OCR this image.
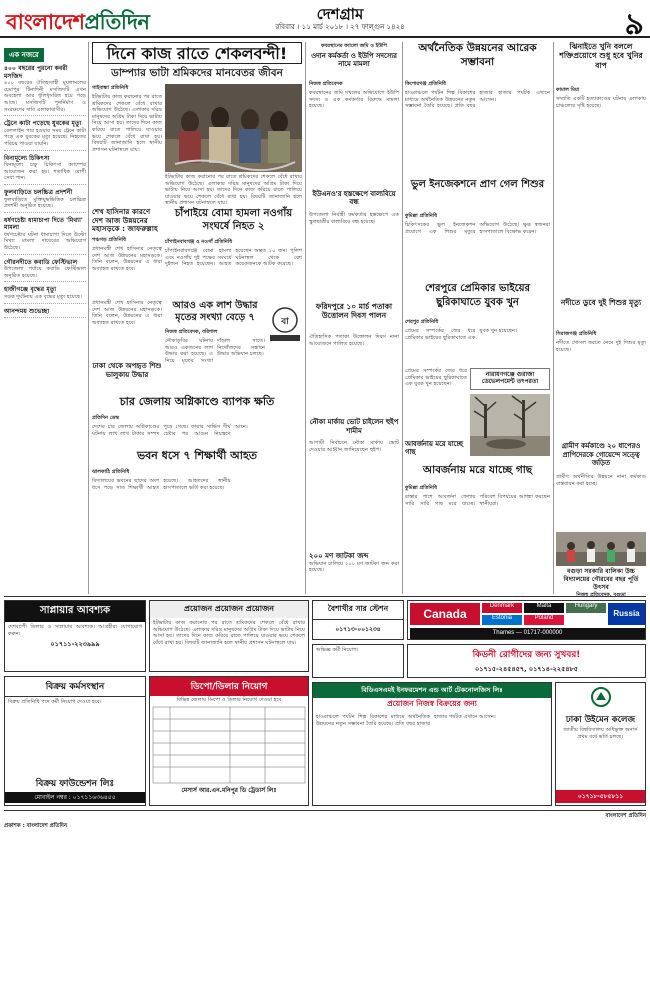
বাংলাদেশপ্রতিদিন	দেশগ্রাম
রবিবার । ১১ মার্চ ২০১৮ । ২৭ ফাল্গুন ১৪২৪	৯
এক নজরে
৪০০ বছরের পুরনো কবরী মসজিদ
৪০০ বছরের ঐতিহ্যবাহী মুঘলামলের চেমাপুর টিনাদিনী মসজিদটি এখন অবহেলা আর ধূলিধূসরিত হয়ে পড়ে আছে। মসজিদটি পুনর্নির্মাণ ও সংরক্ষণের দাবি এলাকাবাসীর।
ট্রেনে কাটা পড়েছে যুবকের মৃত্যু
রেললাইন পার হওয়ার সময় ট্রেনে কাটা পড়ে এক যুবকের মৃত্যু হয়েছে। নিহতের পরিচয় পাওয়া যায়নি।
বিনামূল্যে চিকিৎসা
বিনামূল্যে চক্ষু চিকিৎসা ক্যাম্পের আয়োজন করা হয়। শতাধিক রোগী সেবা পান।
ফুলবাড়িতে চলচ্চিত্র প্রদর্শনী
ফুলবাড়িতে মুক্তিযুদ্ধভিত্তিক চলচ্চিত্র প্রদর্শনী অনুষ্ঠিত হয়েছে।
ধর্ষণচেষ্টা ধামাচাপা দিতে 'মিথ্যা' মামলা
ধর্ষণচেষ্টার ঘটনা ধামাচাপা দিতে উল্টো মিথ্যা মামলা দায়েরের অভিযোগ উঠেছে।
গৌরনদীতে কবাডি ফেস্টিভাল
উপজেলা পর্যায়ে কবাডি ফেস্টিভাল অনুষ্ঠিত হয়েছে।
হাজীগঞ্জে বৃদ্ধের মৃত্যু
সড়ক দুর্ঘটনায় এক বৃদ্ধের মৃত্যু হয়েছে।
আনন্দময় শুভেচ্ছা
দিনে কাজ রাতে শেকলবন্দী!
ডাম্প্যার ভাটা শ্রমিকদের মানবেতর জীবন
গাইবান্ধা প্রতিনিধি
ইটভাটায় কাজ করানোর পর রাতে শ্রমিকদের শেকলে বেঁধে রাখার অভিযোগ উঠেছে। এলাকার দরিদ্র মানুষদের অগ্রিম টাকা দিয়ে ভাটায় নিয়ে আসা হয়। তাদের দিনে কাজ করিয়ে রাতে পালিয়ে যাওয়ার ভয়ে শেকলে বেঁধে রাখা হয়। বিষয়টি জানাজানি হলে স্থানীয় প্রশাসন ঘটনাস্থলে যায়।
ইটভাটায় কাজ করানোর পর রাতে শ্রমিকদের শেকলে বেঁধে রাখার অভিযোগ উঠেছে। এলাকার দরিদ্র মানুষদের অগ্রিম টাকা দিয়ে ভাটায় নিয়ে আসা হয়। তাদের দিনে কাজ করিয়ে রাতে পালিয়ে যাওয়ার ভয়ে শেকলে বেঁধে রাখা হয়। বিষয়টি জানাজানি হলে স্থানীয় প্রশাসন ঘটনাস্থলে যায়।
শেখ হাসিনার কারণে দেশ আজ উন্নয়নের মহাসড়কে : জাফরুল্লাহ
পঞ্চগড় প্রতিনিধি
প্রধানমন্ত্রী শেখ হাসিনার নেতৃত্বে দেশ আজ উন্নয়নের মহাসড়কে। তিনি বলেন, উন্নয়নের এ ধারা অব্যাহত রাখতে হবে।
চাঁপাইয়ে বোমা হামলা নওগাঁয় সংঘর্ষে নিহত ২
চাঁপাইনবাবগঞ্জ ও নওগাঁ প্রতিনিধি
চাঁপাইনবাবগঞ্জে বোমা হামলা এবং নওগাঁয় দুই পক্ষের সংঘর্ষে দুইজন নিহত হয়েছেন। আহত হয়েছেন অন্তত ১০ জন। পুলিশ ঘটনাস্থল থেকে বেশ কয়েকজনকে আটক করেছে।
প্রধানমন্ত্রী শেখ হাসিনার নেতৃত্বে দেশ আজ উন্নয়নের মহাসড়কে। তিনি বলেন, উন্নয়নের এ ধারা অব্যাহত রাখতে হবে।
আরও এক লাশ উদ্ধার মৃতের সংখ্যা বেড়ে ৭
নিজস্ব প্রতিবেদক, বরিশাল
নৌকাডুবির ঘটনায় আরও একজনের লাশ উদ্ধার করা হয়েছে। এ নিয়ে মৃতের সংখ্যা দাঁড়াল সাতে। নিখোঁজদের সন্ধানে উদ্ধার অভিযান চলছে।
বা
ঢাকা থেকে অপহৃত শিশু ভালুকায় উদ্ধার
চার জেলায় অগ্নিকাণ্ডে ব্যাপক ক্ষতি
প্রতিদিন ডেস্ক
দেশের চার জেলায় অগ্নিকাণ্ডের ঘটনায় লাখ লাখ টাকার সম্পদ পুড়ে গেছে। ফায়ার সার্ভিস দীর্ঘ চেষ্টার পর আগুন নিয়ন্ত্রণে আনে।
ভবন ধসে ৭ শিক্ষার্থী আহত
ঝালকাঠি প্রতিনিধি
বিদ্যালয়ের ভবনের ছাদের অংশ ধসে পড়ে সাত শিক্ষার্থী আহত হয়েছে। আহতদের স্থানীয় হাসপাতালে ভর্তি করা হয়েছে।
কবরস্থানের ফ্যালো জমি ও ইউপি
ওদান কর্মকর্তা ও ইউপি সদস্যের নামে মামলা
নিজস্ব প্রতিবেদক
কবরস্থানের জমি দখলের অভিযোগে ইউপি সদস্য ও এক কর্মকর্তার বিরুদ্ধে মামলা হয়েছে।
ইউএনও'র হস্তক্ষেপে বাল্যবিয়ে বন্ধ
উপজেলা নির্বাহী কর্মকর্তার হস্তক্ষেপে এক স্কুলছাত্রীর বাল্যবিয়ে বন্ধ হয়েছে।
ফরিদপুরে ১০ মার্চ পতাকা উত্তোলন দিবস পালন
ঐতিহাসিক পতাকা উত্তোলন দিবস নানা আয়োজনে পালিত হয়েছে।
নৌকা মার্কায় ভোট চাইলেন হুইপ শামীম
আগামী নির্বাচনে নৌকা মার্কায় ভোট দেওয়ার আহ্বান জানিয়েছেন হুইপ।
২০০ মণ জাটকা জব্দ
অভিযান চালিয়ে ২০০ মণ জাটকা জব্দ করা হয়েছে।
অর্থনৈতিক উন্নয়নের আরেক সম্ভাবনা
কিশোরগঞ্জ প্রতিনিধি
হাওরাঞ্চলে পর্যটন শিল্প বিকাশের মাধ্যমে অর্থনৈতিক উন্নয়নের নতুন সম্ভাবনা তৈরি হয়েছে। প্রতি বছর হাজার হাজার পর্যটক এখানে আসেন।
ভুল ইনজেকশনে প্রাণ গেল শিশুর
কুমিল্লা প্রতিনিধি
চিকিৎসকের ভুল ইনজেকশন প্রয়োগে এক শিশুর মৃত্যুর অভিযোগ উঠেছে। ক্ষুব্ধ স্বজনরা হাসপাতালে বিক্ষোভ করেন।
শেরপুরে প্রেমিকার ভাইয়ের ছুরিকাঘাতে যুবক খুন
শেরপুর প্রতিনিধি
প্রেমের সম্পর্কের জের ধরে প্রেমিকার ভাইয়ের ছুরিকাঘাতে এক যুবক খুন হয়েছেন।
নারায়ণগঞ্জে গুরাজা ডেভেলপমেন্ট তৎপরতা
প্রেমের সম্পর্কের জের ধরে প্রেমিকার ভাইয়ের ছুরিকাঘাতে এক যুবক খুন হয়েছেন।
আবর্জনায় মরে যাচ্ছে গাছ
আবর্জনায় মরে যাচ্ছে গাছ
কুমিল্লা প্রতিনিধি
রাস্তার পাশে আবর্জনা ফেলায় সারি সারি গাছ মরে যাচ্ছে। পরিবেশ বিপর্যয়ের আশঙ্কা করছেন স্থানীয়রা।
ঝিনাইতে খুনি বললে শক্তিপ্রয়োগে শুধু হবে খুনির বাপ
কামাল মিয়া
সম্প্রতি একটি হত্যাকাণ্ডের ঘটনায় এলাকায় চাঞ্চল্যের সৃষ্টি হয়েছে।
নদীতে ডুবে দুই শিশুর মৃত্যু
সিরাজগঞ্জ প্রতিনিধি
নদীতে গোসল করতে নেমে দুই শিশুর মৃত্যু হয়েছে।
গ্রামীণ কর্মকাণ্ডে ২০ ধাপেরও প্রাপিদেরকে গোয়েন্দে সত্ত্বে জড়িত
গ্রামীণ অর্থনীতির উন্নয়নে নানা কর্মকাণ্ড বাস্তবায়ন করা হচ্ছে।
বগুড়া সরকারি বালিকা উচ্চ বিদ্যালয়ের গৌরবের বছর পূর্তি উৎসব
সাপ্লায়ার আবশ্যক
দেশব্যাপী ডিলার ও সাপ্লায়ার আবশ্যক। আগ্রহীরা যোগাযোগ করুন।
০১৭১১-২২৩৯৯৯
বিক্রয় কর্মসংস্থান
বিক্রয় প্রতিনিধি পদে কর্মী নিয়োগ দেওয়া হবে।
বিক্রয় ফাউন্ডেশন লিঃ
মোবাইল নম্বর : ০১৭১১৬৩৬৪৫৫
ডিপো/ডিলার নিয়োগ
বিভিন্ন জেলায় ডিপো ও ডিলার নিয়োগ দেওয়া হবে
মেসার্স আর.এন.মনিপুর ডি ট্রেডার্স লিঃ
প্রয়োজন প্রয়োজন প্রয়োজন
ইটভাটায় কাজ করানোর পর রাতে শ্রমিকদের শেকলে বেঁধে রাখার অভিযোগ উঠেছে। এলাকার দরিদ্র মানুষদের অগ্রিম টাকা দিয়ে ভাটায় নিয়ে আসা হয়। তাদের দিনে কাজ করিয়ে রাতে পালিয়ে যাওয়ার ভয়ে শেকলে বেঁধে রাখা হয়। বিষয়টি জানাজানি হলে স্থানীয় প্রশাসন ঘটনাস্থলে যায়।
বৈশাখীর সার স্টেশন
০১৭১৩-০০১২৩৪
অভিজ্ঞ কর্মী নিয়োগ।
Canada
Denmark
Estonia
Malta
Poland
Hungary
Russia
Thames — 01717-000000
কিডনী রোগীদের জন্য সুখবর!
০১৭১৫-২৪৫৪৫৭, ০১৭১৪-২২৫৪৮৫
বিডিএসএমই ইনফরমেশন এন্ড আর্ট টেকনোলজিস লিঃ
প্রয়োজন নিজস্ব বিক্রয়ের জন্য
হাওরাঞ্চলে পর্যটন শিল্প বিকাশের মাধ্যমে অর্থনৈতিক উন্নয়নের নতুন সম্ভাবনা তৈরি হয়েছে। প্রতি বছর হাজার হাজার পর্যটক এখানে আসেন।	ঢাকা উইমেন কলেজ
জাতীয় বিশ্ববিদ্যালয় অধিভুক্ত অনার্স প্রথম বর্ষে ভর্তি চলছে।
০১৭১৮-৫৮৫৮১১
প্রকাশক : বাংলাদেশ প্রতিদিন
বাংলাদেশ প্রতিদিন
